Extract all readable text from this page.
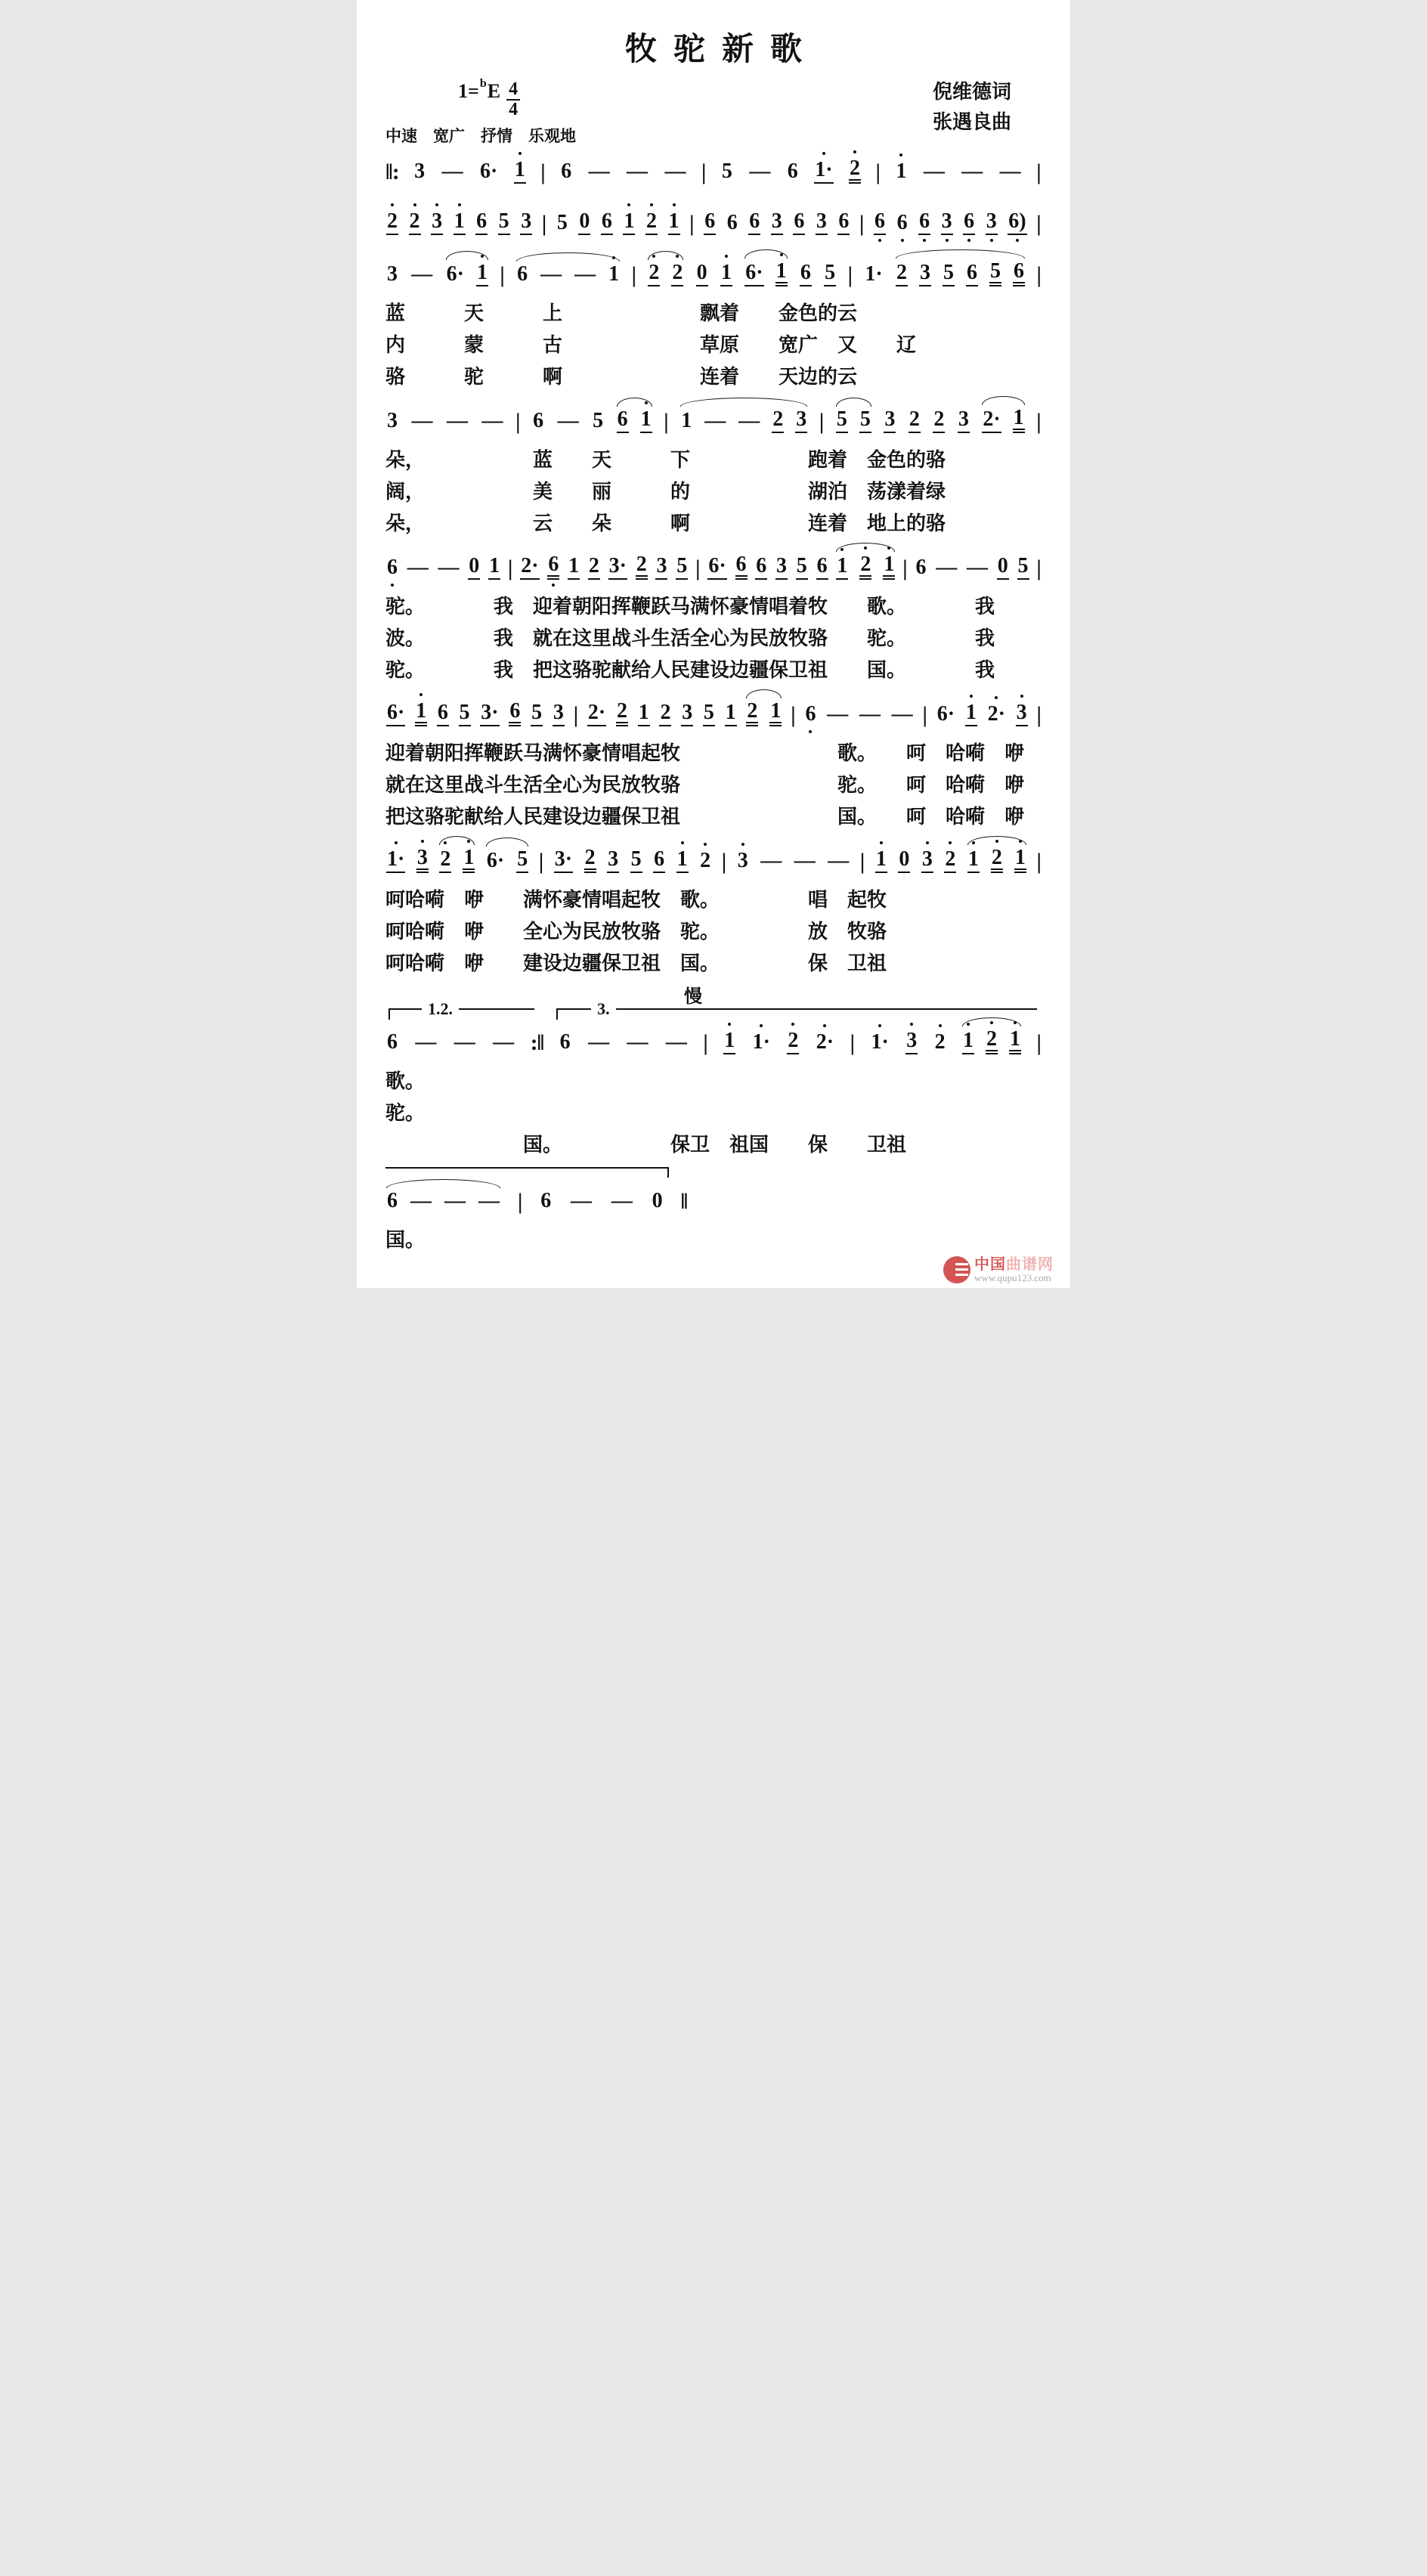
牧驼新歌
1=$^b$ E $\frac{4}{4}$	倪维德词
张遇良曲
中速　宽广　抒情　乐观地
‖: 3 — 6· 1 | 6 — — — | 5 — 6 1· 2 | 1 — — — |
2 2 3 1 6 5 3 | 5 0 6 1 2 1 | 6 6 6 3 6 3 6 | 6 6 6 3 6 3 6) |
3 — 6· 1 | 6 — — 1 | 2 2 0 1 6· 1 6 5 | 1· 2 3 5 6 5 6 |
蓝　　　天　　　上　　　　　　　飘着　　金色的云
内　　　蒙　　　古　　　　　　　草原　　宽广　又　　辽
骆　　　驼　　　啊　　　　　　　连着　　天边的云
3 — — — | 6 — 5 6 1 | 1 — — 2 3 | 5 5 3 2 2 3 2· 1 |
朵，　　　　　　蓝　　天　　　下　　　　　　跑着　金色的骆
阔，　　　　　　美　　丽　　　的　　　　　　湖泊　荡漾着绿
朵，　　　　　　云　　朵　　　啊　　　　　　连着　地上的骆
6 — — 0 1 | 2· 6 1 2 3· 2 3 5 | 6· 6 6 3 5 6 1 2 1 | 6 — — 0 5 |
驼。　　　　我　迎着朝阳挥鞭跃马满怀豪情唱着牧　　歌。　　　　我
波。　　　　我　就在这里战斗生活全心为民放牧骆　　驼。　　　　我
驼。　　　　我　把这骆驼献给人民建设边疆保卫祖　　国。　　　　我
6· 1 6 5 3· 6 5 3 | 2· 2 1 2 3 5 1 2 1 | 6 — — — | 6· 1 2· 3 |
迎着朝阳挥鞭跃马满怀豪情唱起牧　　　　　　　　歌。　　呵　哈嗬　咿
就在这里战斗生活全心为民放牧骆　　　　　　　　驼。　　呵　哈嗬　咿
把这骆驼献给人民建设边疆保卫祖　　　　　　　　国。　　呵　哈嗬　咿
1· 3 2 1 6· 5 | 3· 2 3 5 6 1 2 | 3 — — — | 1 0 3 2 1 2 1 |
呵哈嗬　咿　　满怀豪情唱起牧　歌。　　　　　唱　起牧
呵哈嗬　咿　　全心为民放牧骆　驼。　　　　　放　牧骆
呵哈嗬　咿　　建设边疆保卫祖　国。　　　　　保　卫祖
慢
1.2.	3.
6 — — — :‖ 6 — — — | 1 1· 2 2· | 1· 3 2 1 2 1 |
歌。
驼。
　　　　　　　国。　　　　　　保卫　祖国　　保　　卫祖
6 — — — | 6 — — 0 ‖
国。
中国曲谱网
www.qupu123.com
